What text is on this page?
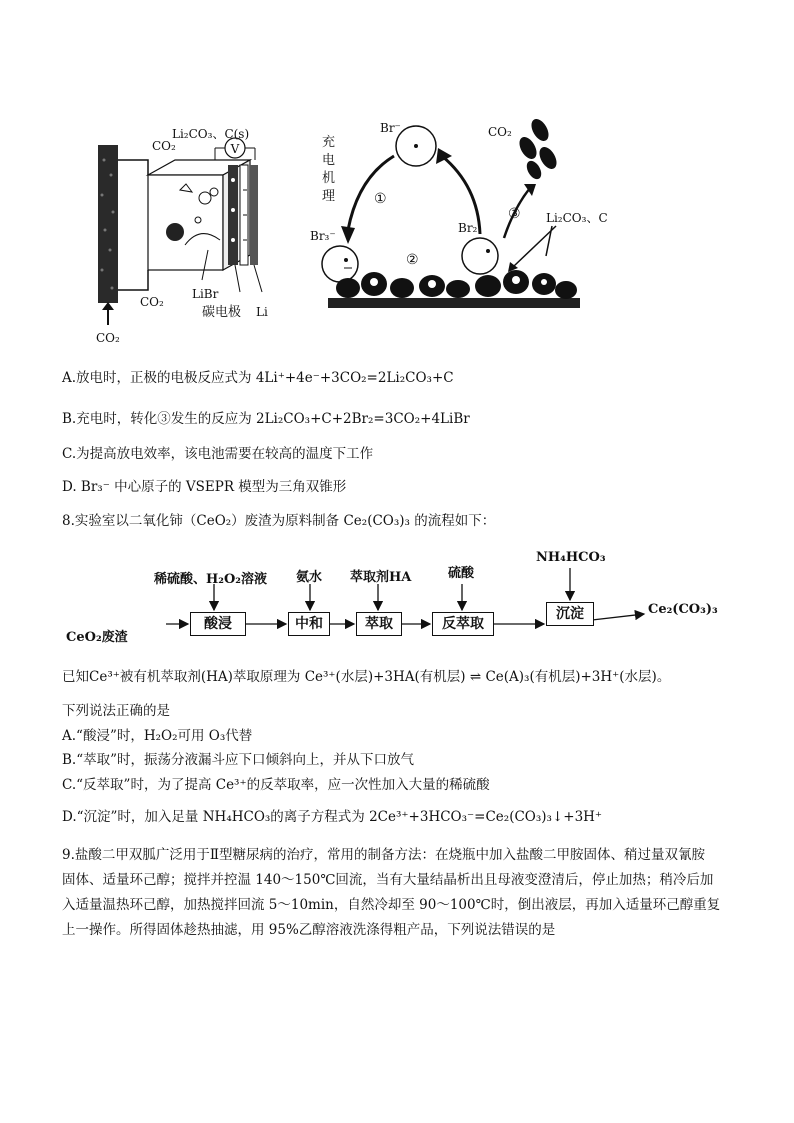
V
CO₂
Li₂CO₃、C(s)
CO₂
LiBr
碳电极 Li
CO₂
充
电
机
理
Br⁻
Br₃⁻
Br₂
①
②
CO₂
③ Li₂CO₃、C
A.放电时，正极的电极反应式为 4Li⁺+4e⁻+3CO₂=2Li₂CO₃+C
B.充电时，转化③发生的反应为 2Li₂CO₃+C+2Br₂=3CO₂+4LiBr
C.为提高放电效率，该电池需要在较高的温度下工作
D. Br₃⁻ 中心原子的 VSEPR 模型为三角双锥形
8.实验室以二氧化铈（CeO₂）废渣为原料制备 Ce₂(CO₃)₃ 的流程如下：
CeO₂废渣
稀硫酸、H₂O₂溶液 氨水 萃取剂HA	硫酸
NH₄HCO₃
酸浸	中和	萃取	反萃取
沉淀	Ce₂(CO₃)₃
已知Ce³⁺被有机萃取剂(HA)萃取原理为 Ce³⁺(水层)+3HA(有机层) ⇌ Ce(A)₃(有机层)+3H⁺(水层)。
下列说法正确的是
A.“酸浸”时，H₂O₂可用 O₃代替
B.“萃取”时，振荡分液漏斗应下口倾斜向上，并从下口放气
C.“反萃取”时，为了提高 Ce³⁺的反萃取率，应一次性加入大量的稀硫酸
D.“沉淀”时，加入足量 NH₄HCO₃的离子方程式为 2Ce³⁺+3HCO₃⁻=Ce₂(CO₃)₃↓+3H⁺
9.盐酸二甲双胍广泛用于Ⅱ型糖尿病的治疗，常用的制备方法：在烧瓶中加入盐酸二甲胺固体、稍过量双氰胺
固体、适量环己醇；搅拌并控温 140～150℃回流，当有大量结晶析出且母液变澄清后，停止加热；稍冷后加
入适量温热环己醇，加热搅拌回流 5～10min，自然冷却至 90～100℃时，倒出液层，再加入适量环己醇重复
上一操作。所得固体趁热抽滤，用 95%乙醇溶液洗涤得粗产品，下列说法错误的是
